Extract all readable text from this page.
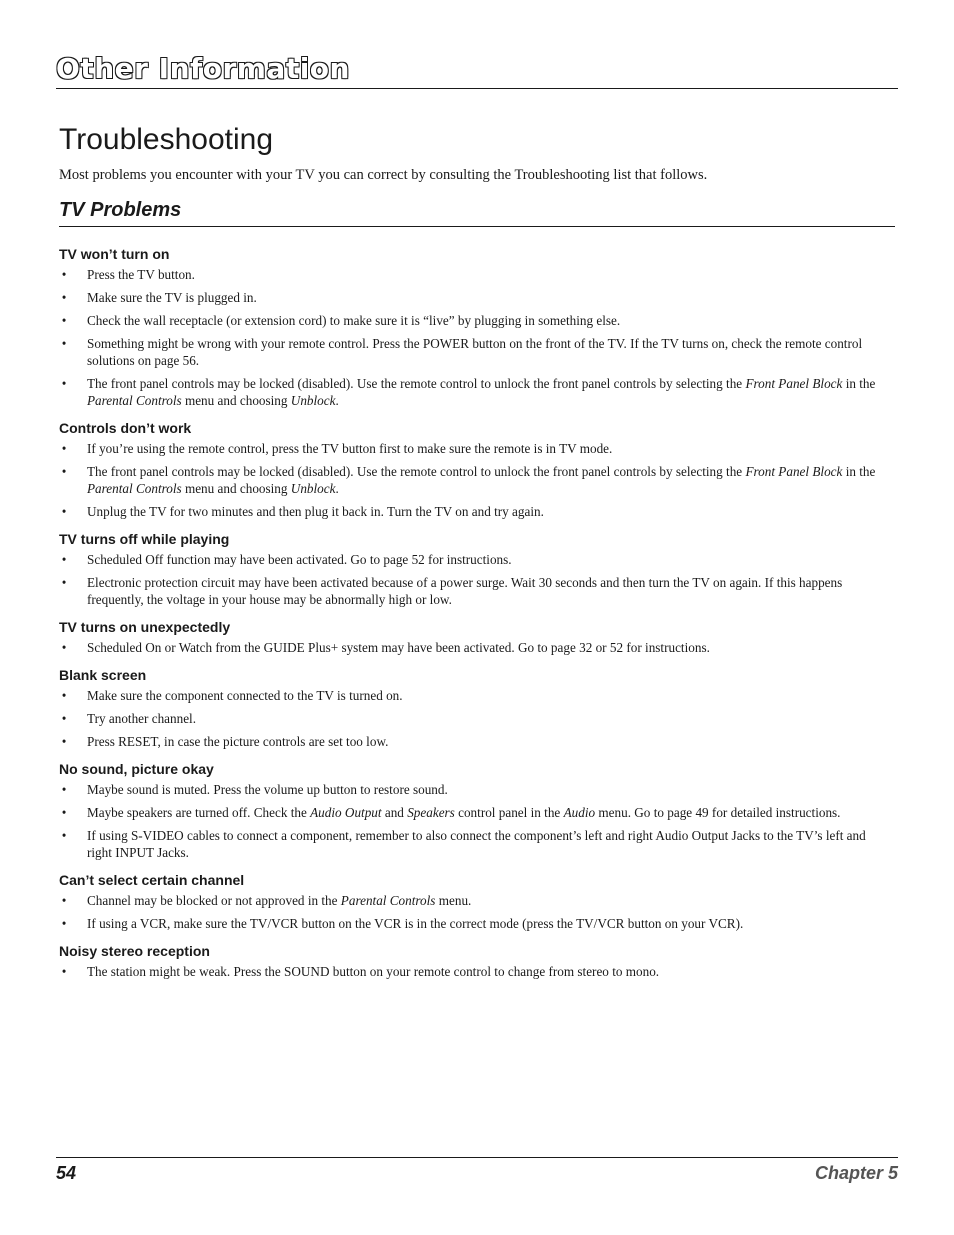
Other Information
Troubleshooting
Most problems you encounter with your TV you can correct by consulting the Troubleshooting list that follows.
TV Problems
TV won’t turn on
• Press the TV button.
• Make sure the TV is plugged in.
• Check the wall receptacle (or extension cord) to make sure it is “live” by plugging in something else.
• Something might be wrong with your remote control. Press the POWER button on the front of the TV. If the TV turns on, check the remote control solutions on page 56.
• The front panel controls may be locked (disabled). Use the remote control to unlock the front panel controls by selecting the Front Panel Block in the Parental Controls menu and choosing Unblock.
Controls don’t work
• If you’re using the remote control, press the TV button first to make sure the remote is in TV mode.
• The front panel controls may be locked (disabled). Use the remote control to unlock the front panel controls by selecting the Front Panel Block in the Parental Controls menu and choosing Unblock.
• Unplug the TV for two minutes and then plug it back in. Turn the TV on and try again.
TV turns off while playing
• Scheduled Off function may have been activated. Go to page 52 for instructions.
• Electronic protection circuit may have been activated because of a power surge. Wait 30 seconds and then turn the TV on again. If this happens frequently, the voltage in your house may be abnormally high or low.
TV turns on unexpectedly
• Scheduled On or Watch from the GUIDE Plus+ system may have been activated. Go to page 32 or 52 for instructions.
Blank screen
• Make sure the component connected to the TV is turned on.
• Try another channel.
• Press RESET, in case the picture controls are set too low.
No sound, picture okay
• Maybe sound is muted. Press the volume up button to restore sound.
• Maybe speakers are turned off. Check the Audio Output and Speakers control panel in the Audio menu. Go to page 49 for detailed instructions.
• If using S-VIDEO cables to connect a component, remember to also connect the component’s left and right Audio Output Jacks to the TV’s left and right INPUT Jacks.
Can’t select certain channel
• Channel may be blocked or not approved in the Parental Controls menu.
• If using a VCR, make sure the TV/VCR button on the VCR is in the correct mode (press the TV/VCR button on your VCR).
Noisy stereo reception
• The station might be weak. Press the SOUND button on your remote control to change from stereo to mono.
54	Chapter 5
